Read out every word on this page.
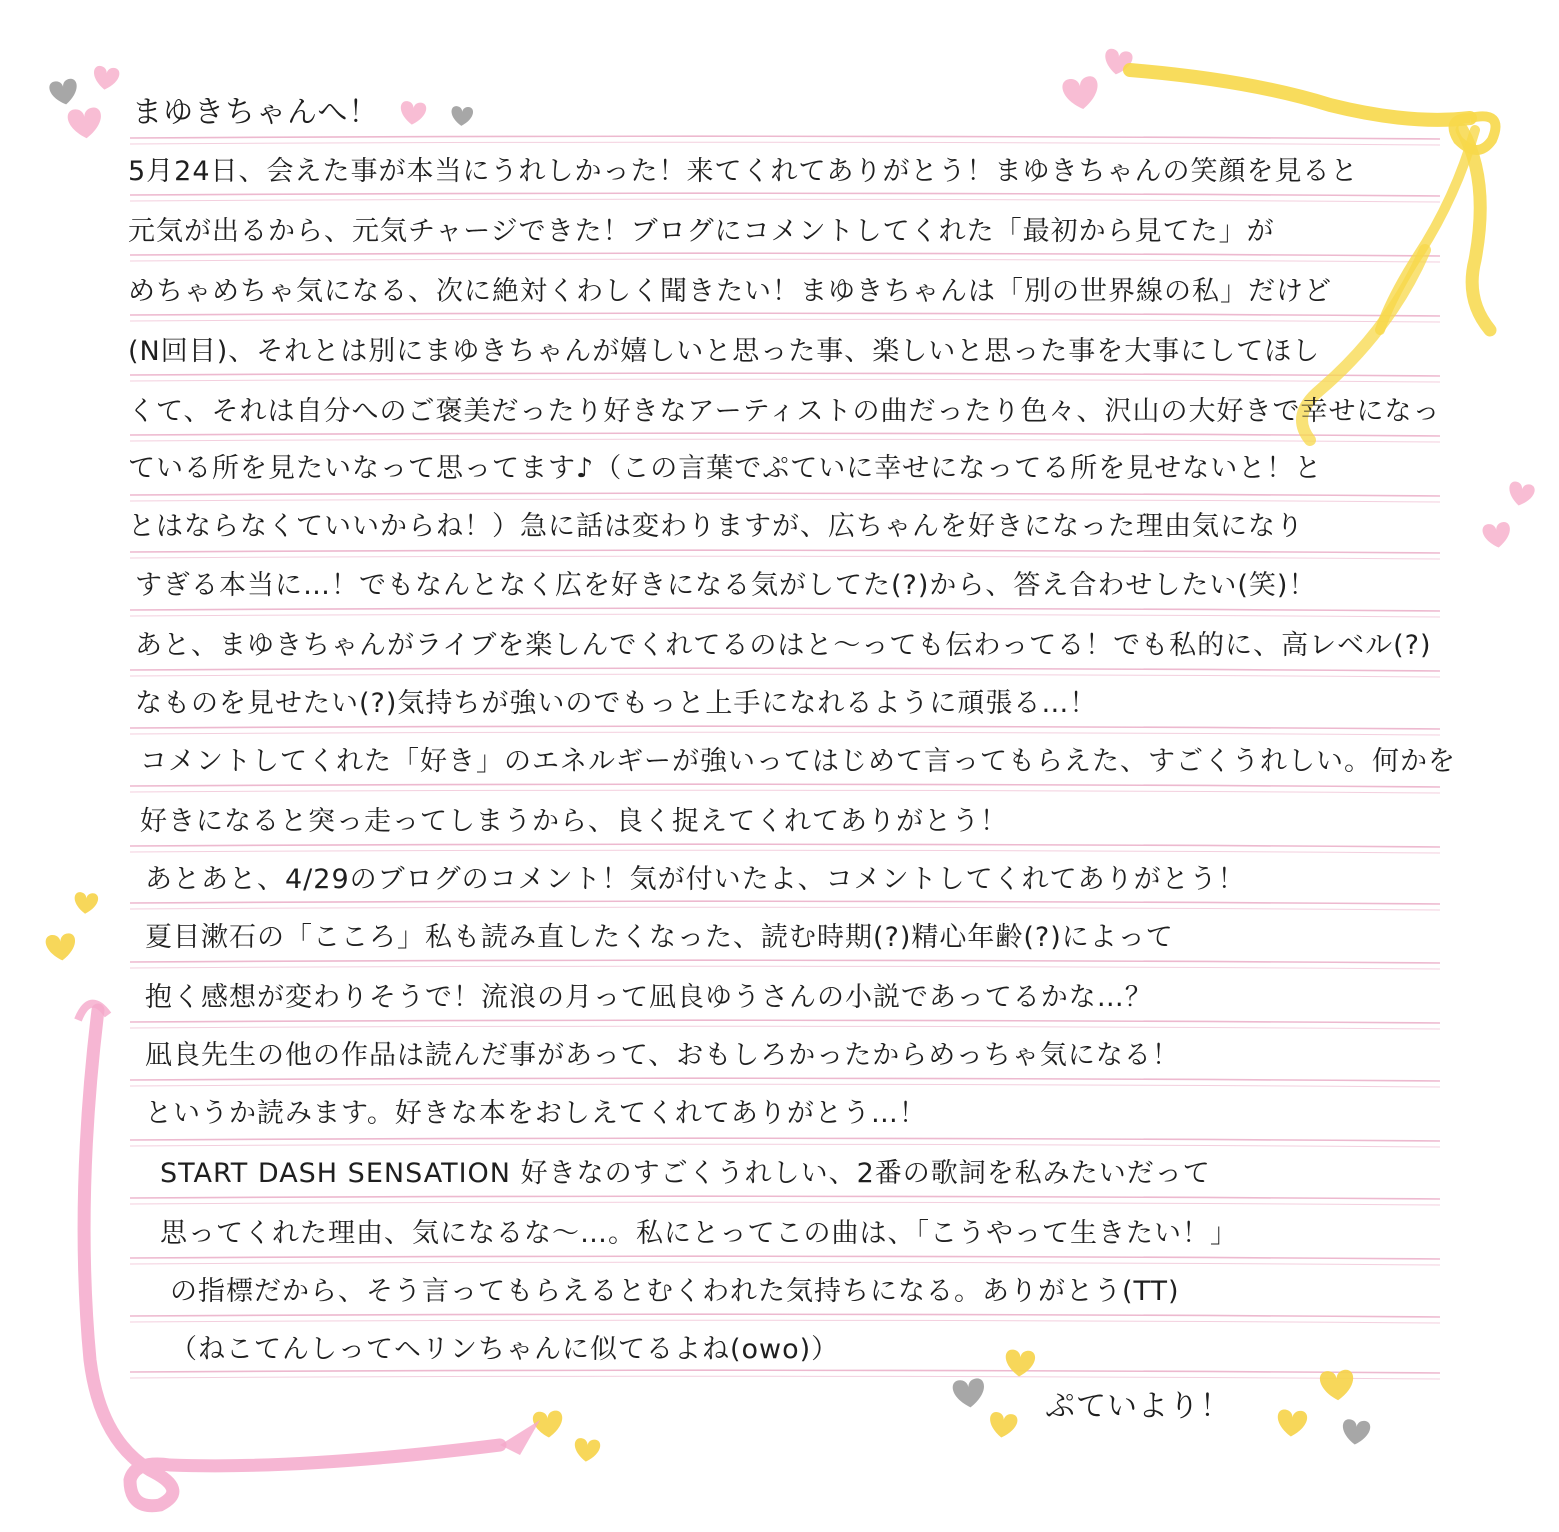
まゆきちゃんへ！
5月24日、会えた事が本当にうれしかった！来てくれてありがとう！まゆきちゃんの笑顔を見ると
元気が出るから、元気チャージできた！ブログにコメントしてくれた「最初から見てた」が
めちゃめちゃ気になる、次に絶対くわしく聞きたい！まゆきちゃんは「別の世界線の私」だけど
(N回目)、それとは別にまゆきちゃんが嬉しいと思った事、楽しいと思った事を大事にしてほし
くて、それは自分へのご褒美だったり好きなアーティストの曲だったり色々、沢山の大好きで幸せになっ
ている所を見たいなって思ってます♪（この言葉でぷていに幸せになってる所を見せないと！と
とはならなくていいからね！）急に話は変わりますが、広ちゃんを好きになった理由気になり
すぎる本当に…！でもなんとなく広を好きになる気がしてた(?)から、答え合わせしたい(笑)！
あと、まゆきちゃんがライブを楽しんでくれてるのはと〜っても伝わってる！でも私的に、高レベル(?)
なものを見せたい(?)気持ちが強いのでもっと上手になれるように頑張る…！
コメントしてくれた「好き」のエネルギーが強いってはじめて言ってもらえた、すごくうれしい。何かを
好きになると突っ走ってしまうから、良く捉えてくれてありがとう！
あとあと、4/29のブログのコメント！気が付いたよ、コメントしてくれてありがとう！
夏目漱石の「こころ」私も読み直したくなった、読む時期(?)精心年齢(?)によって
抱く感想が変わりそうで！流浪の月って凪良ゆうさんの小説であってるかな…？
凪良先生の他の作品は読んだ事があって、おもしろかったからめっちゃ気になる！
というか読みます。好きな本をおしえてくれてありがとう…！
START DASH SENSATION 好きなのすごくうれしい、2番の歌詞を私みたいだって
思ってくれた理由、気になるな〜…。私にとってこの曲は、「こうやって生きたい！」
の指標だから、そう言ってもらえるとむくわれた気持ちになる。ありがとう(TT)
（ねこてんしってヘリンちゃんに似てるよね(owo)）
ぷていより！
